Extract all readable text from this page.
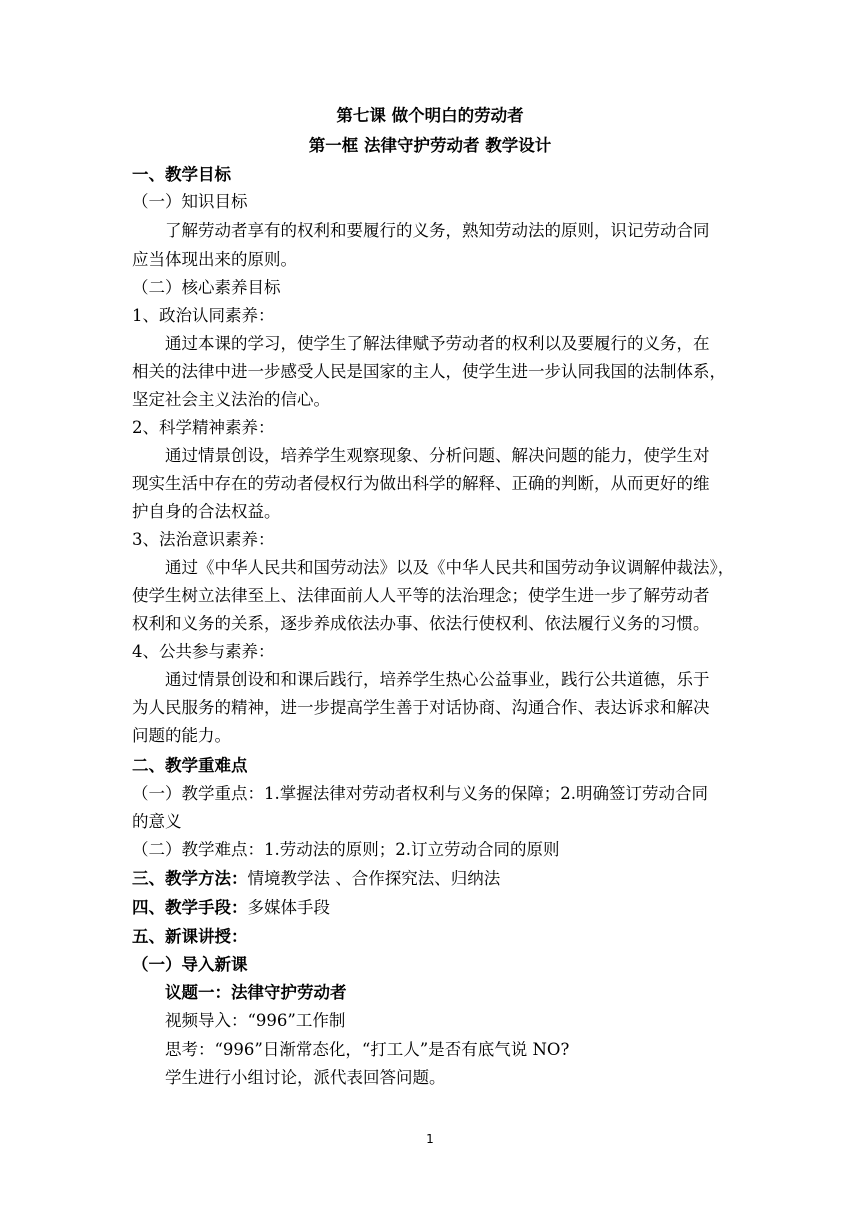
第七课 做个明白的劳动者
第一框 法律守护劳动者 教学设计
一、教学目标
（一）知识目标
了解劳动者享有的权利和要履行的义务，熟知劳动法的原则，识记劳动合同
应当体现出来的原则。
（二）核心素养目标
1、政治认同素养：
通过本课的学习，使学生了解法律赋予劳动者的权利以及要履行的义务，在
相关的法律中进一步感受人民是国家的主人，使学生进一步认同我国的法制体系，
坚定社会主义法治的信心。
2、科学精神素养：
通过情景创设，培养学生观察现象、分析问题、解决问题的能力，使学生对
现实生活中存在的劳动者侵权行为做出科学的解释、正确的判断，从而更好的维
护自身的合法权益。
3、法治意识素养：
通过《中华人民共和国劳动法》以及《中华人民共和国劳动争议调解仲裁法》，
使学生树立法律至上、法律面前人人平等的法治理念；使学生进一步了解劳动者
权利和义务的关系，逐步养成依法办事、依法行使权利、依法履行义务的习惯。
4、公共参与素养：
通过情景创设和和课后践行，培养学生热心公益事业，践行公共道德，乐于
为人民服务的精神，进一步提高学生善于对话协商、沟通合作、表达诉求和解决
问题的能力。
二、教学重难点
（一）教学重点：1.掌握法律对劳动者权利与义务的保障；2.明确签订劳动合同
的意义
（二）教学难点：1.劳动法的原则；2.订立劳动合同的原则
三、教学方法：情境教学法 、合作探究法、归纳法
四、教学手段：多媒体手段
五、新课讲授：
（一）导入新课
议题一：法律守护劳动者
视频导入：“996”工作制
思考：“996”日渐常态化，“打工人”是否有底气说 NO?
学生进行小组讨论，派代表回答问题。
1
